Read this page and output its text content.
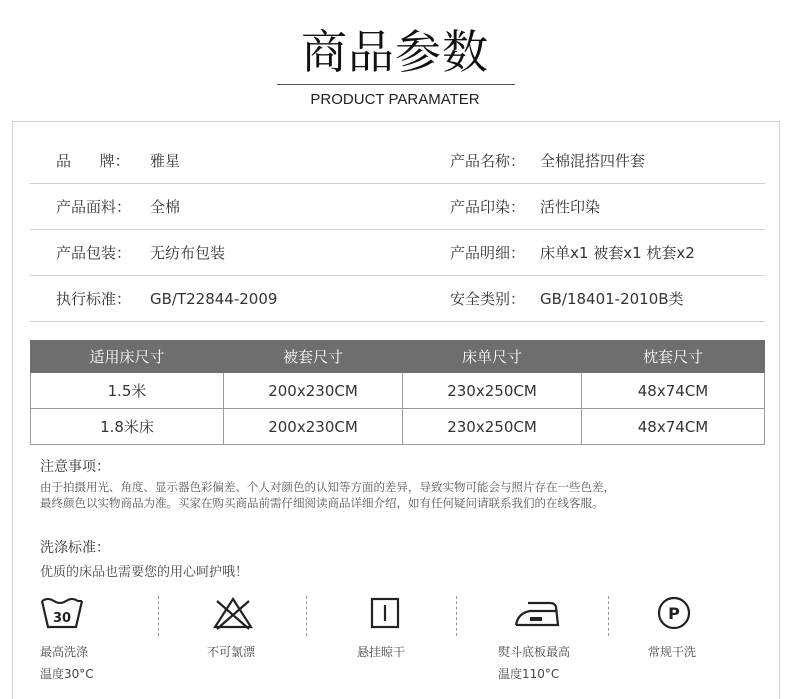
商品参数
PRODUCT PARAMATER
品      牌： 雅星	产品名称： 全棉混搭四件套
产品面料： 全棉	产品印染： 活性印染
产品包装： 无纺布包装	产品明细： 床单x1 被套x1 枕套x2
执行标准： GB/T22844-2009	安全类别： GB/18401-2010B类
适用床尺寸	被套尺寸	床单尺寸	枕套尺寸
1.5米	200x230CM	230x250CM	48x74CM
1.8米床	200x230CM	230x250CM	48x74CM
注意事项：
由于拍摄用光、角度、显示器色彩偏差、个人对颜色的认知等方面的差异，导致实物可能会与照片存在一些色差，
最终颜色以实物商品为准。买家在购买商品前需仔细阅读商品详细介绍，如有任何疑问请联系我们的在线客服。
洗涤标准：
优质的床品也需要您的用心呵护哦！
30
最高洗涤
温度30°C
不可氯漂	悬挂晾干	熨斗底板最高
温度110°C
P
常规干洗
